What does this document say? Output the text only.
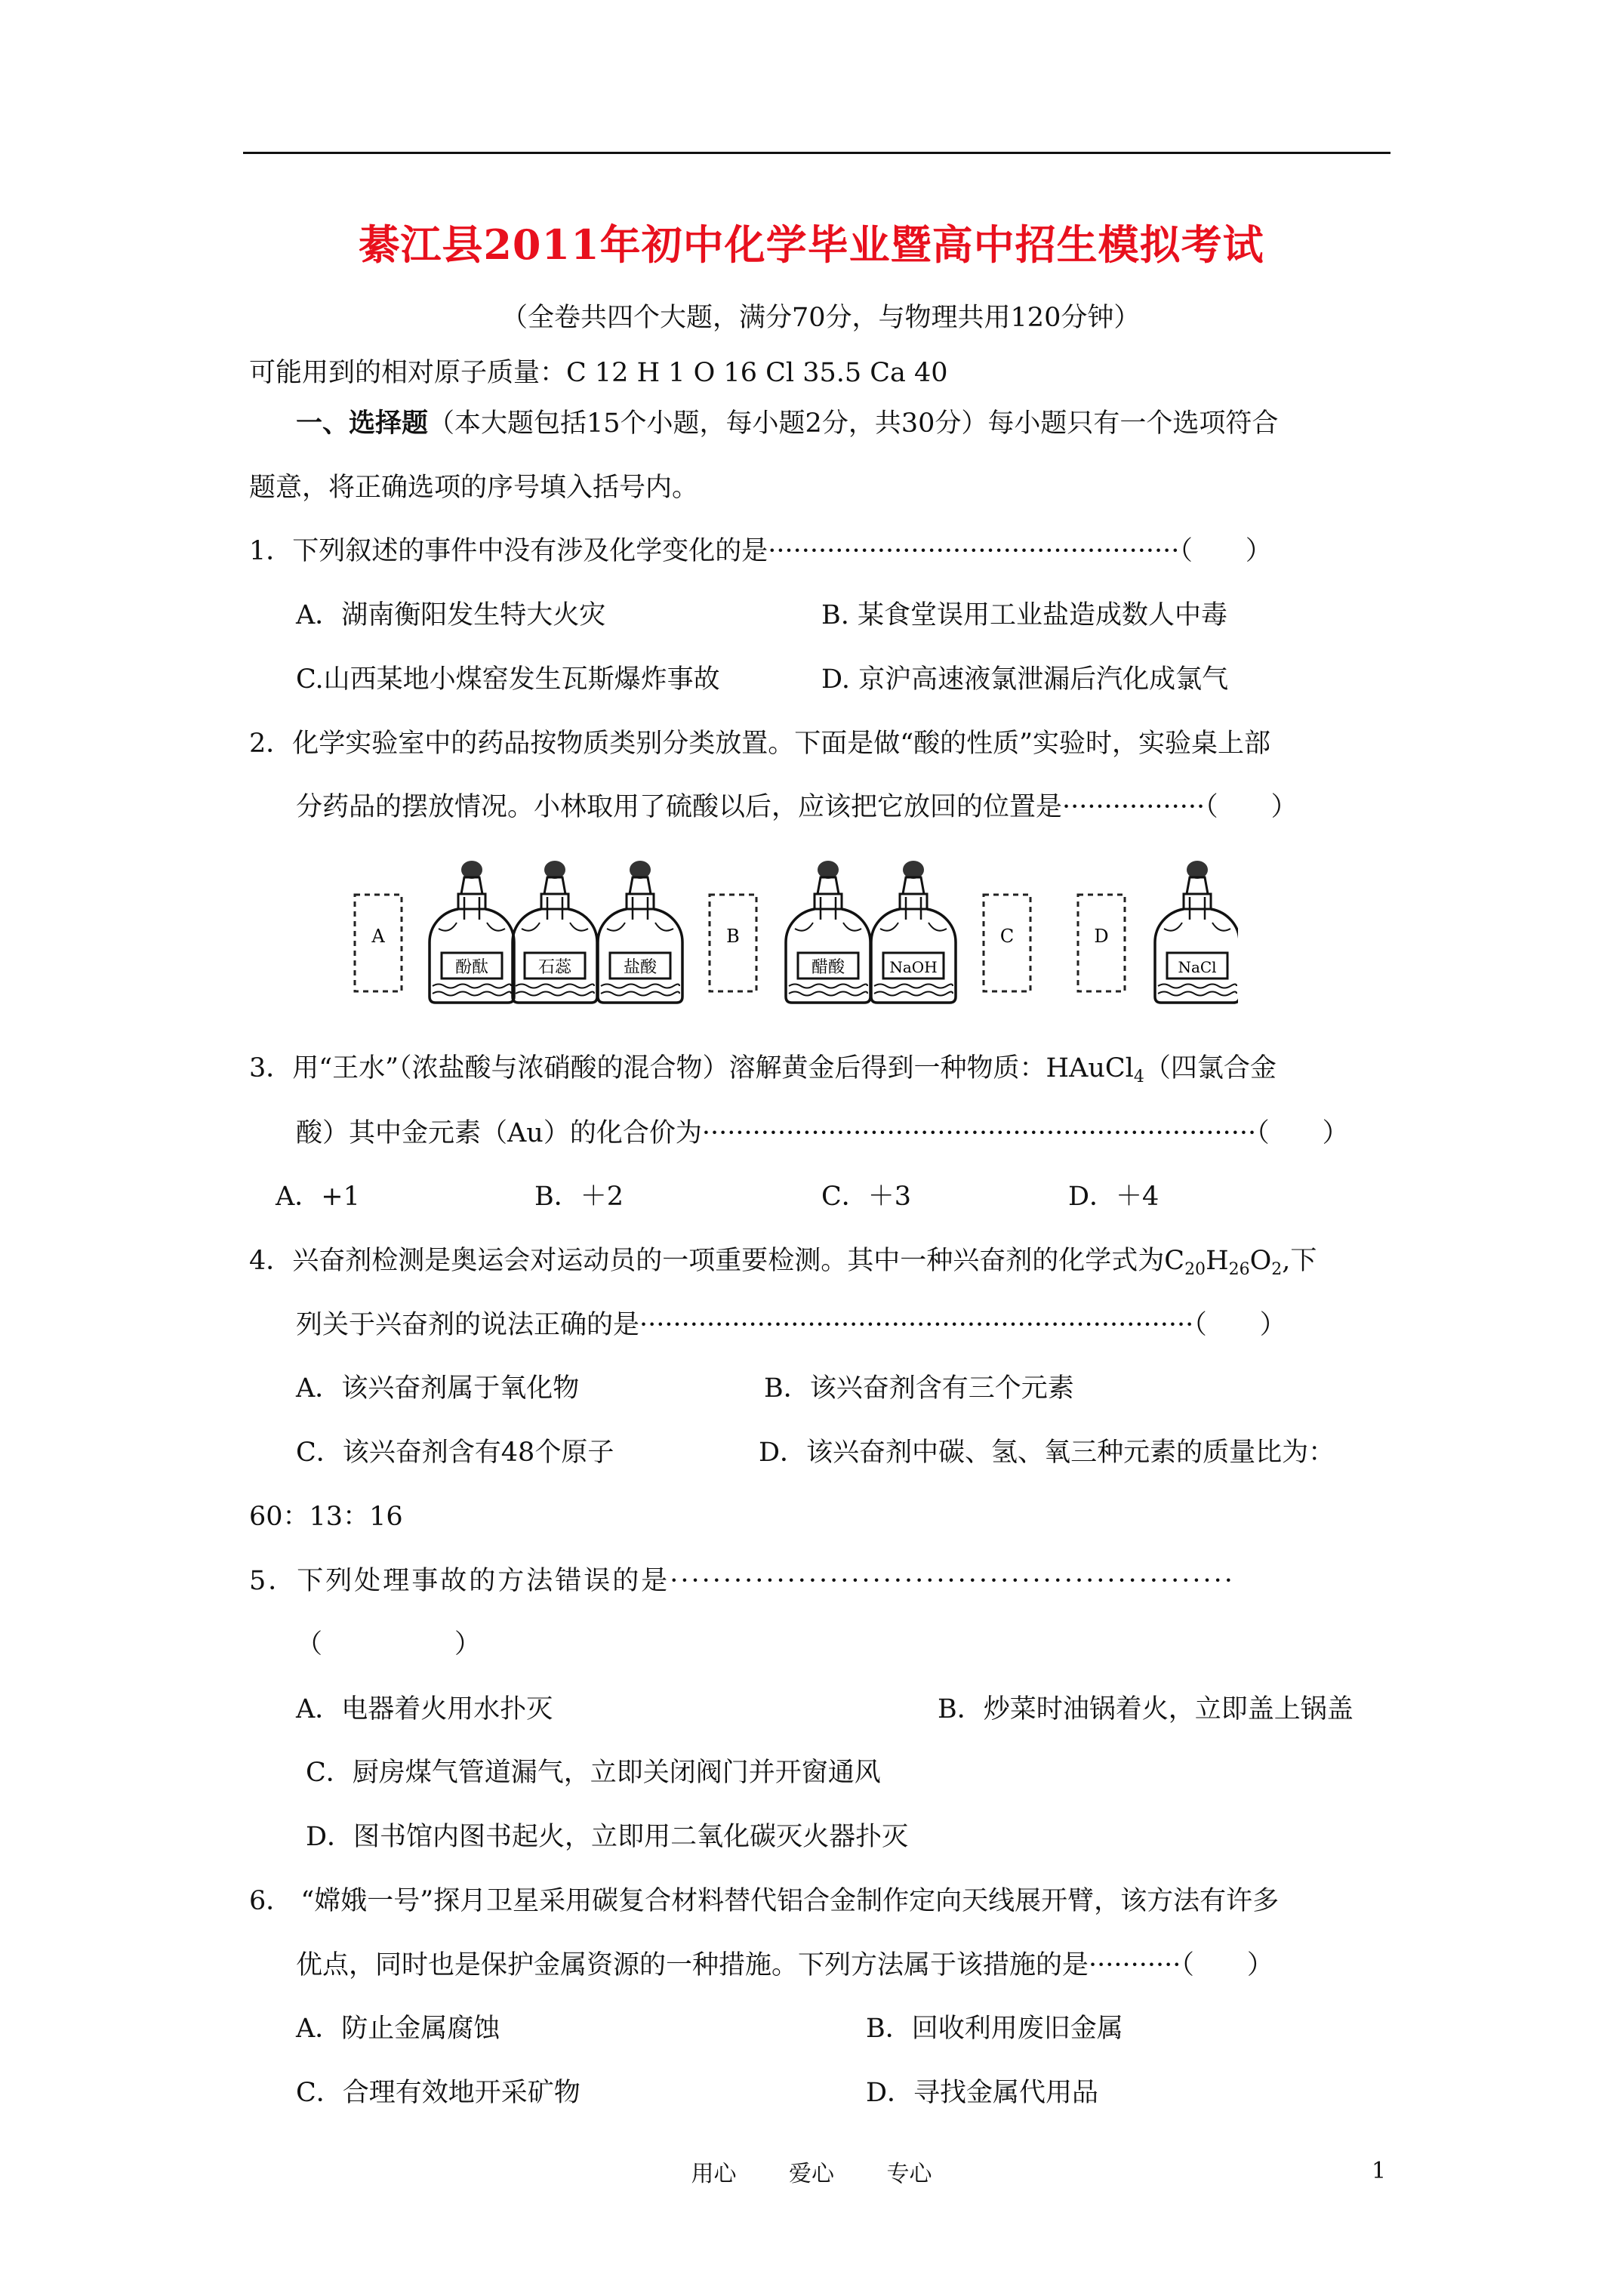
綦江县2011年初中化学毕业暨高中招生模拟考试
（全卷共四个大题，满分70分，与物理共用120分钟）
可能用到的相对原子质量：C 12 H 1 O 16 Cl 35.5 Ca 40
一、选择题（本大题包括15个小题，每小题2分，共30分）每小题只有一个选项符合
题意，将正确选项的序号填入括号内。
1．下列叙述的事件中没有涉及化学变化的是·················································（　　）
A．湖南衡阳发生特大火灾	B. 某食堂误用工业盐造成数人中毒
C.山西某地小煤窑发生瓦斯爆炸事故	D. 京沪高速液氯泄漏后汽化成氯气
2．化学实验室中的药品按物质类别分类放置。下面是做“酸的性质”实验时，实验桌上部
分药品的摆放情况。小林取用了硫酸以后，应该把它放回的位置是·················（　　）
A	B	C	D
酚酞	石蕊	盐酸	醋酸	NaOH	NaCl
3．用“王水”（浓盐酸与浓硝酸的混合物）溶解黄金后得到一种物质：HAuCl$_4$（四氯合金
酸）其中金元素（Au）的化合价为··································································（　　）
A．+1	B．＋2	C．＋3	D．＋4
4．兴奋剂检测是奥运会对运动员的一项重要检测。其中一种兴奋剂的化学式为$C_{20}H_{26}O_2$,下
列关于兴奋剂的说法正确的是··································································（　　）
A．该兴奋剂属于氧化物	B．该兴奋剂含有三个元素
C．该兴奋剂含有48个原子	D．该兴奋剂中碳、氢、氧三种元素的质量比为：
60：13：16
5．下列处理事故的方法错误的是·····················································
（　　　　　）
A．电器着火用水扑灭	B．炒菜时油锅着火，立即盖上锅盖
C．厨房煤气管道漏气，立即关闭阀门并开窗通风
D．图书馆内图书起火，立即用二氧化碳灭火器扑灭
6． “嫦娥一号”探月卫星采用碳复合材料替代铝合金制作定向天线展开臂，该方法有许多
优点，同时也是保护金属资源的一种措施。下列方法属于该措施的是···········（　　）
A．防止金属腐蚀	B．回收利用废旧金属
C．合理有效地开采矿物	D．寻找金属代用品
用心 爱心 专心	1
